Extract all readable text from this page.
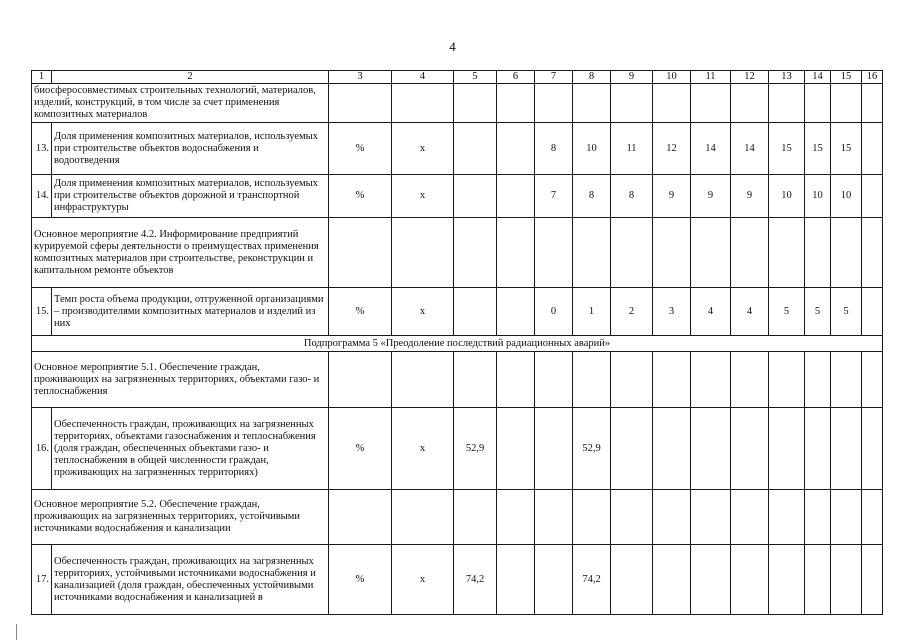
4
1	2	3	4	5	6	7	8	9	10	11	12	13	14	15	16
биосферосовместимых строительных технологий, материалов, изделий, конструкций, в том числе за счет применения композитных материалов															
13.	Доля применения композитных материалов, используемых при строительстве объектов водоснабжения и водоотведения	%	х			8	10	11	12	14	14	15	15	15	
14.	Доля применения композитных материалов, используемых при строительстве объектов дорожной и транспортной инфраструктуры	%	х			7	8	8	9	9	9	10	10	10	
Основное мероприятие 4.2. Информирование предприятий курируемой сферы деятельности о преимуществах применения композитных материалов при строительстве, реконструкции и капитальном ремонте объектов															
15.	Темп роста объема продукции, отгруженной организациями – производителями композитных материалов и изделий из них	%	х			0	1	2	3	4	4	5	5	5	
Подпрограмма 5 «Преодоление последствий радиационных аварий»															
Основное мероприятие 5.1. Обеспечение граждан, проживающих на загрязненных территориях, объектами газо- и теплоснабжения															
16.	Обеспеченность граждан, проживающих на загрязненных территориях, объектами газоснабжения и теплоснабжения (доля граждан, обеспеченных объектами газо- и теплоснабжения в общей численности граждан, проживающих на загрязненных территориях)	%	х	52,9			52,9								
Основное мероприятие 5.2. Обеспечение граждан, проживающих на загрязненных территориях, устойчивыми источниками водоснабжения и канализации															
17.	Обеспеченность граждан, проживающих на загрязненных территориях, устойчивыми источниками водоснабжения и канализацией (доля граждан, обеспеченных устойчивыми источниками водоснабжения и канализацией в	%	х	74,2			74,2								
